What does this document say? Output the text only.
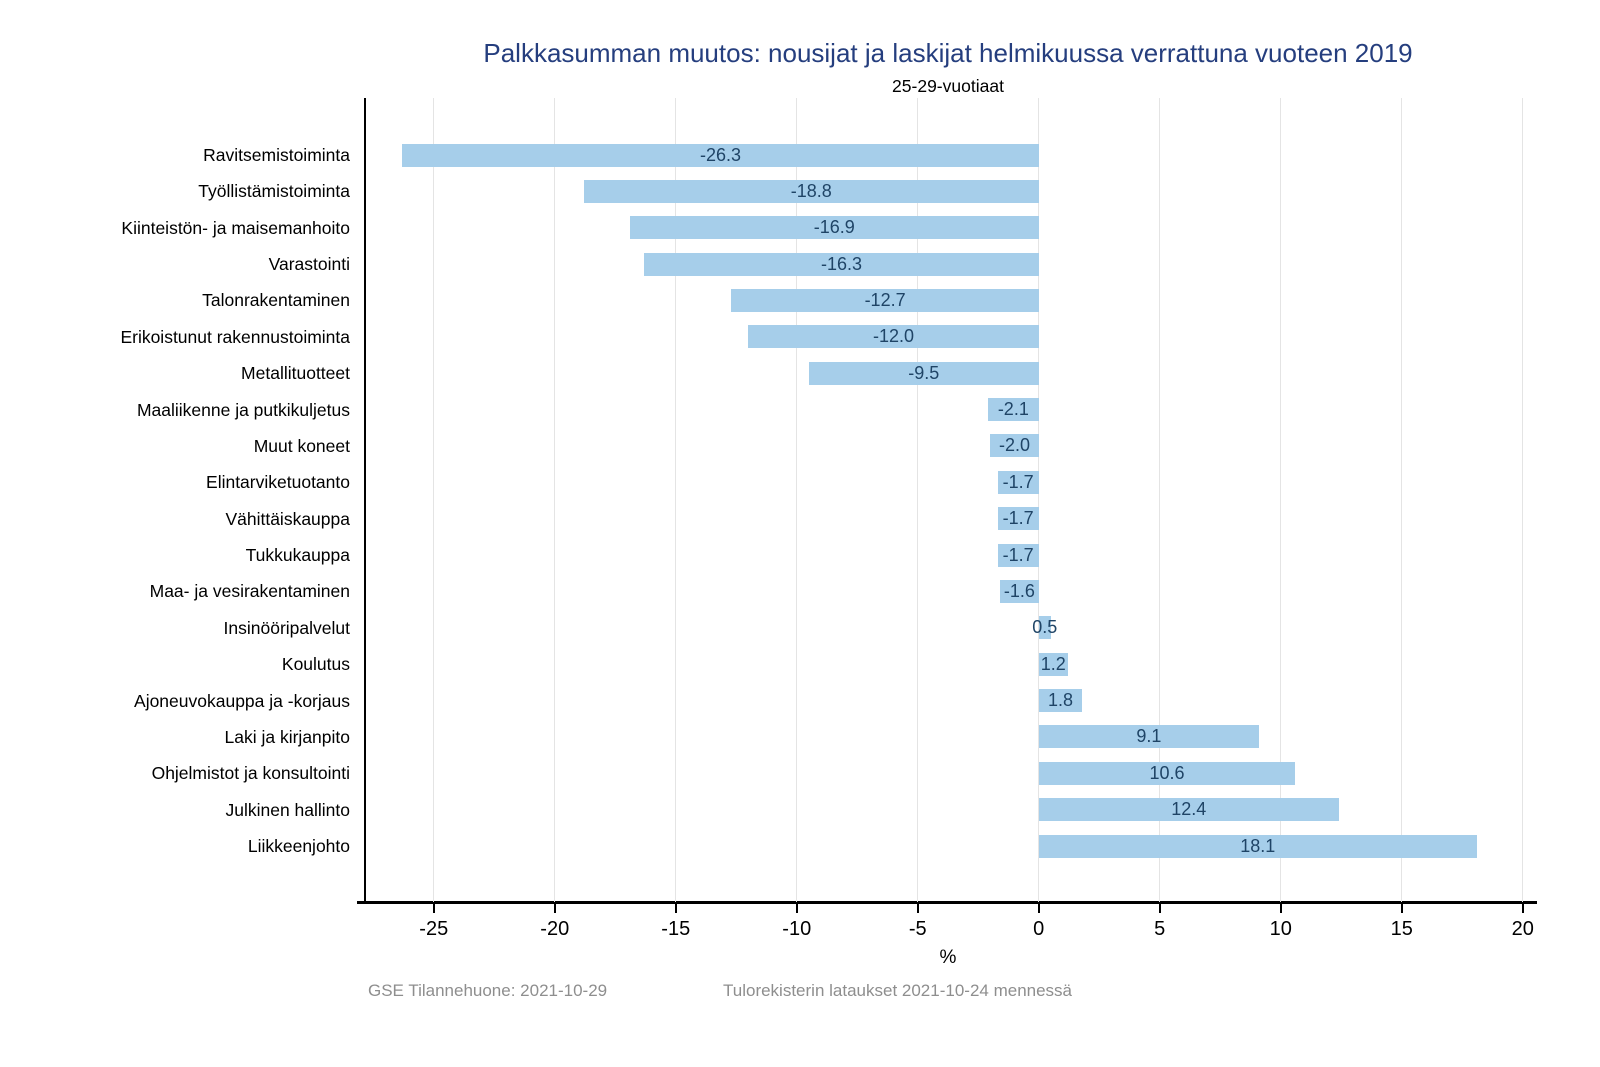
Palkkasumman muutos: nousijat ja laskijat helmikuussa verrattuna vuoteen 2019
25-29-vuotiaat
Ravitsemistoiminta
Työllistämistoiminta
Kiinteistön- ja maisemanhoito
Varastointi
Talonrakentaminen
Erikoistunut rakennustoiminta
Metallituotteet
Maaliikenne ja putkikuljetus
Muut koneet
Elintarviketuotanto
Vähittäiskauppa
Tukkukauppa
Maa- ja vesirakentaminen
Insinööripalvelut
Koulutus
Ajoneuvokauppa ja -korjaus
Laki ja kirjanpito
Ohjelmistot ja konsultointi
Julkinen hallinto
Liikkeenjohto
%
-25	-20	-15	-10	-5	0	5	10	15	20
-26.3
-18.8
-16.9
-16.3
-12.7
-12.0
-9.5
-2.1
-2.0
-1.7
-1.7
-1.7
-1.6
0.5
1.2
1.8
9.1
10.6
12.4
18.1
GSE Tilannehuone: 2021-10-29	Tulorekisterin lataukset 2021-10-24 mennessä
